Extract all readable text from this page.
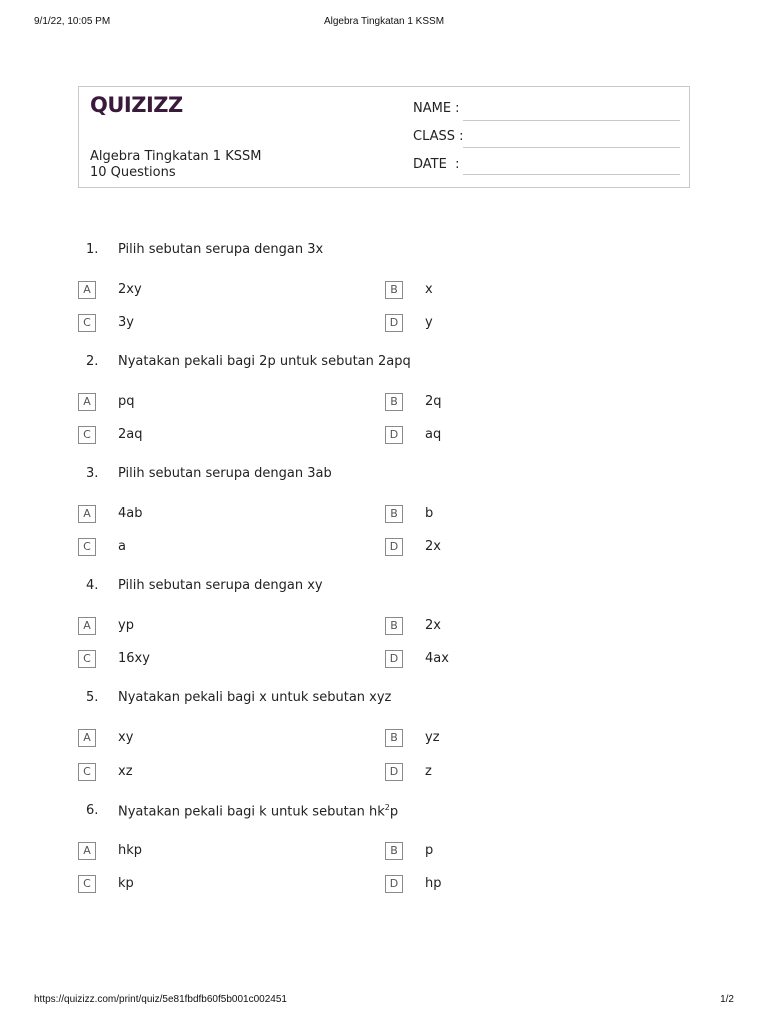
9/1/22, 10:05 PM	Algebra Tingkatan 1 KSSM
QUIZIZZ
Algebra Tingkatan 1 KSSM
10 Questions
NAME :
CLASS :
DATE  :
1. Pilih sebutan serupa dengan 3x
A	2xy	B	x
C	3y	D	y
2. Nyatakan pekali bagi 2p untuk sebutan 2apq
A	pq	B	2q
C	2aq	D	aq
3. Pilih sebutan serupa dengan 3ab
A	4ab	B	b
C	a	D	2x
4. Pilih sebutan serupa dengan xy
A	yp	B	2x
C	16xy	D	4ax
5. Nyatakan pekali bagi x untuk sebutan xyz
A	xy	B	yz
C	xz	D	z
6. Nyatakan pekali bagi k untuk sebutan $hk^2p$
A	hkp	B	p
C	kp	D	hp
https://quizizz.com/print/quiz/5e81fbdfb60f5b001c002451	1/2
